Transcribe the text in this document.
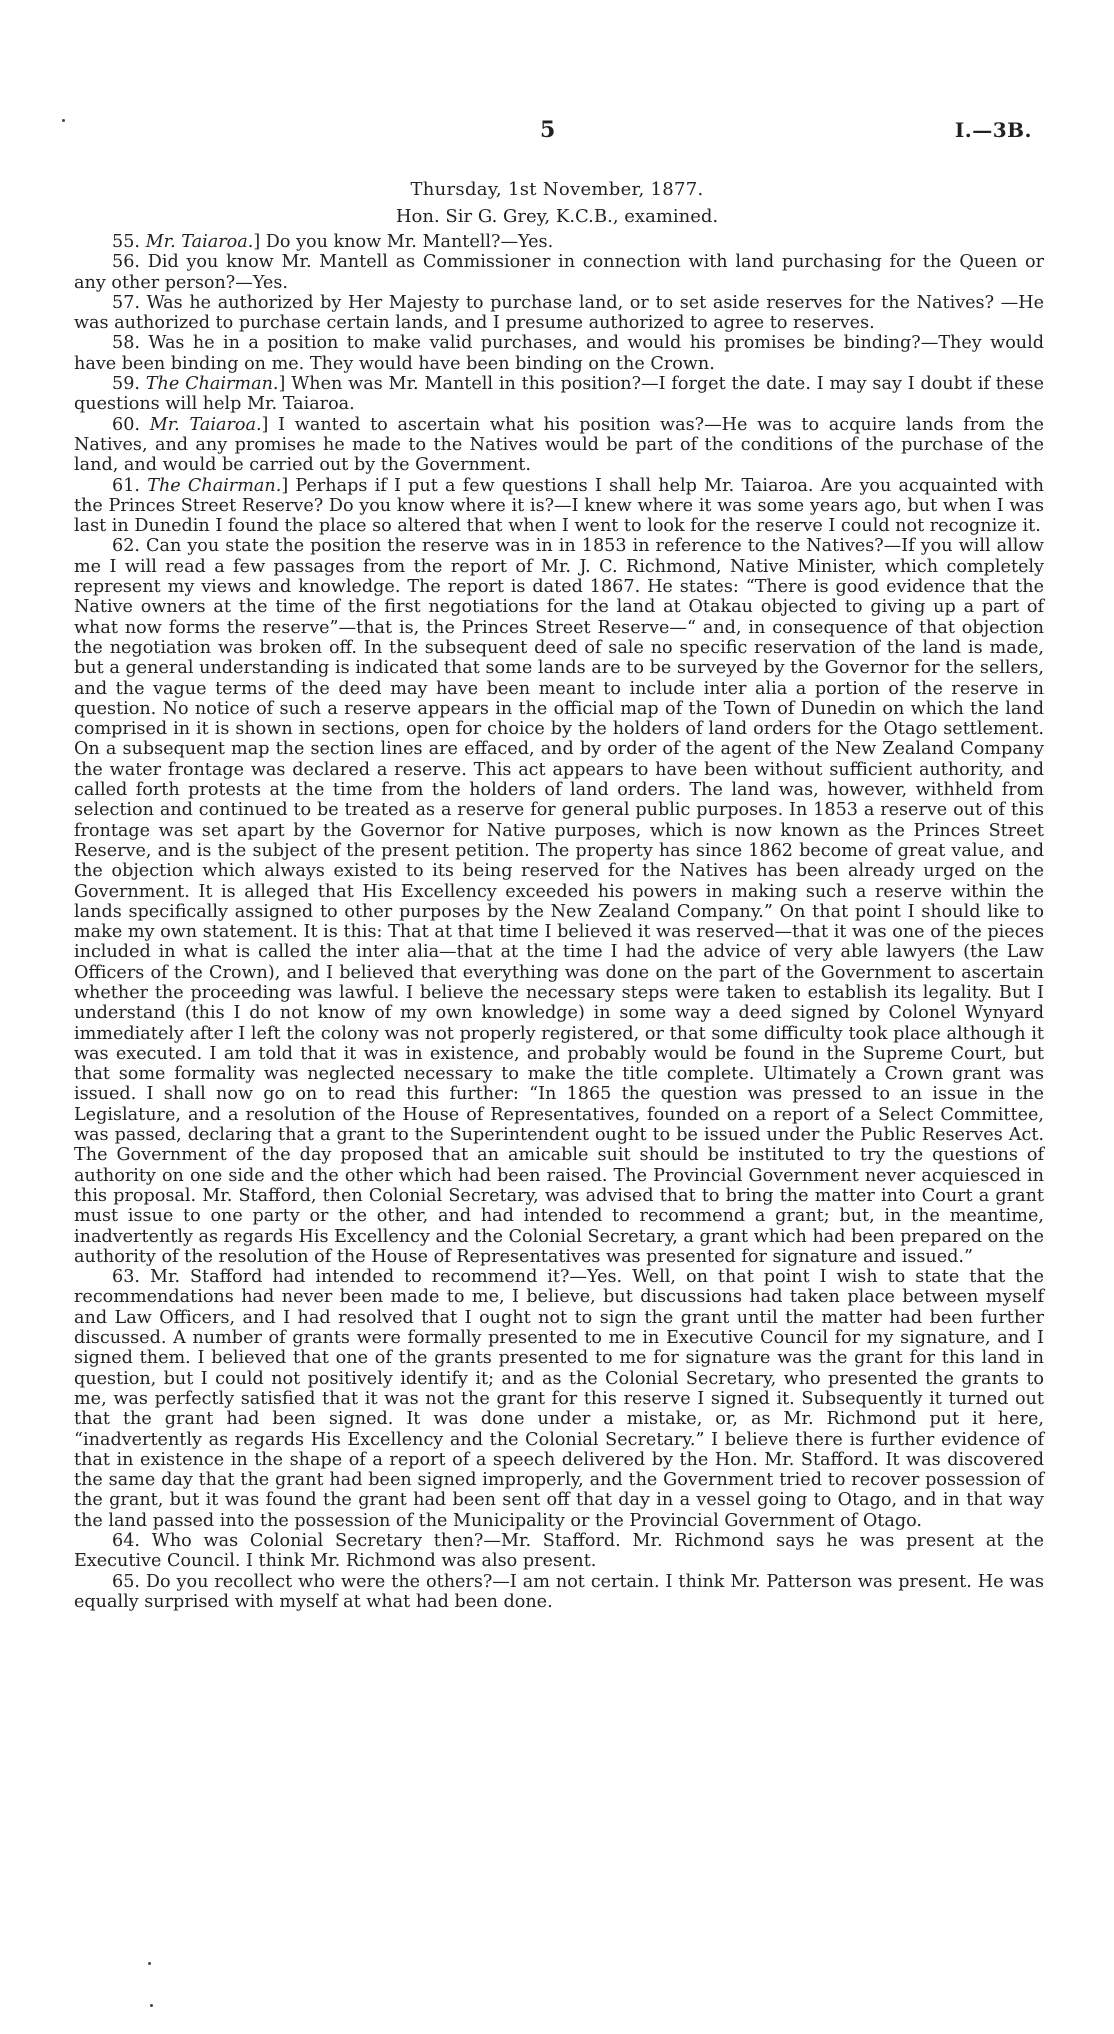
5	I.—3B.
Thursday, 1st November, 1877.
Hon. Sir G. Grey, K.C.B., examined.

55. Mr. Taiaroa.] Do you know Mr. Mantell?—Yes.

56. Did you know Mr. Mantell as Commissioner in connection with land purchasing for the Queen or any other person?—Yes.

57. Was he authorized by Her Majesty to purchase land, or to set aside reserves for the Natives? —He was authorized to purchase certain lands, and I presume authorized to agree to reserves.

58. Was he in a position to make valid purchases, and would his promises be binding?—They would have been binding on me. They would have been binding on the Crown.

59. The Chairman.] When was Mr. Mantell in this position?—I forget the date. I may say I doubt if these questions will help Mr. Taiaroa.

60. Mr. Taiaroa.] I wanted to ascertain what his position was?—He was to acquire lands from the Natives, and any promises he made to the Natives would be part of the conditions of the purchase of the land, and would be carried out by the Government.

61. The Chairman.] Perhaps if I put a few questions I shall help Mr. Taiaroa. Are you acquainted with the Princes Street Reserve? Do you know where it is?—I knew where it was some years ago, but when I was last in Dunedin I found the place so altered that when I went to look for the reserve I could not recognize it.

62. Can you state the position the reserve was in in 1853 in reference to the Natives?—If you will allow me I will read a few passages from the report of Mr. J. C. Richmond, Native Minister, which completely represent my views and knowledge. The report is dated 1867. He states: “There is good evidence that the Native owners at the time of the first negotiations for the land at Otakau objected to giving up a part of what now forms the reserve”—that is, the Princes Street Reserve—“ and, in consequence of that objection the negotiation was broken off. In the subsequent deed of sale no specific reservation of the land is made, but a general understanding is indicated that some lands are to be surveyed by the Governor for the sellers, and the vague terms of the deed may have been meant to include inter alia a portion of the reserve in question. No notice of such a reserve appears in the official map of the Town of Dunedin on which the land comprised in it is shown in sections, open for choice by the holders of land orders for the Otago settlement. On a subsequent map the section lines are effaced, and by order of the agent of the New Zealand Company the water frontage was declared a reserve. This act appears to have been without sufficient authority, and called forth protests at the time from the holders of land orders. The land was, however, withheld from selection and continued to be treated as a reserve for general public purposes. In 1853 a reserve out of this frontage was set apart by the Governor for Native purposes, which is now known as the Princes Street Reserve, and is the subject of the present petition. The property has since 1862 become of great value, and the objection which always existed to its being reserved for the Natives has been already urged on the Government. It is alleged that His Excellency exceeded his powers in making such a reserve within the lands specifically assigned to other purposes by the New Zealand Company.” On that point I should like to make my own statement. It is this: That at that time I believed it was reserved—that it was one of the pieces included in what is called the inter alia—that at the time I had the advice of very able lawyers (the Law Officers of the Crown), and I believed that everything was done on the part of the Government to ascertain whether the proceeding was lawful. I believe the necessary steps were taken to establish its legality. But I understand (this I do not know of my own knowledge) in some way a deed signed by Colonel Wynyard immediately after I left the colony was not properly registered, or that some difficulty took place although it was executed. I am told that it was in existence, and probably would be found in the Supreme Court, but that some formality was neglected necessary to make the title complete. Ultimately a Crown grant was issued. I shall now go on to read this further: “In 1865 the question was pressed to an issue in the Legislature, and a resolution of the House of Representatives, founded on a report of a Select Committee, was passed, declaring that a grant to the Superintendent ought to be issued under the Public Reserves Act. The Government of the day proposed that an amicable suit should be instituted to try the questions of authority on one side and the other which had been raised. The Provincial Government never acquiesced in this proposal. Mr. Stafford, then Colonial Secretary, was advised that to bring the matter into Court a grant must issue to one party or the other, and had intended to recommend a grant; but, in the meantime, inadvertently as regards His Excellency and the Colonial Secretary, a grant which had been prepared on the authority of the resolution of the House of Representatives was presented for signature and issued.”

63. Mr. Stafford had intended to recommend it?—Yes. Well, on that point I wish to state that the recommendations had never been made to me, I believe, but discussions had taken place between myself and Law Officers, and I had resolved that I ought not to sign the grant until the matter had been further discussed. A number of grants were formally presented to me in Executive Council for my signature, and I signed them. I believed that one of the grants presented to me for signature was the grant for this land in question, but I could not positively identify it; and as the Colonial Secretary, who presented the grants to me, was perfectly satisfied that it was not the grant for this reserve I signed it. Subsequently it turned out that the grant had been signed. It was done under a mistake, or, as Mr. Richmond put it here, “inadvertently as regards His Excellency and the Colonial Secretary.” I believe there is further evidence of that in existence in the shape of a report of a speech delivered by the Hon. Mr. Stafford. It was discovered the same day that the grant had been signed improperly, and the Government tried to recover possession of the grant, but it was found the grant had been sent off that day in a vessel going to Otago, and in that way the land passed into the possession of the Municipality or the Provincial Government of Otago.

64. Who was Colonial Secretary then?—Mr. Stafford. Mr. Richmond says he was present at the Executive Council. I think Mr. Richmond was also present.

65. Do you recollect who were the others?—I am not certain. I think Mr. Patterson was present. He was equally surprised with myself at what had been done.
